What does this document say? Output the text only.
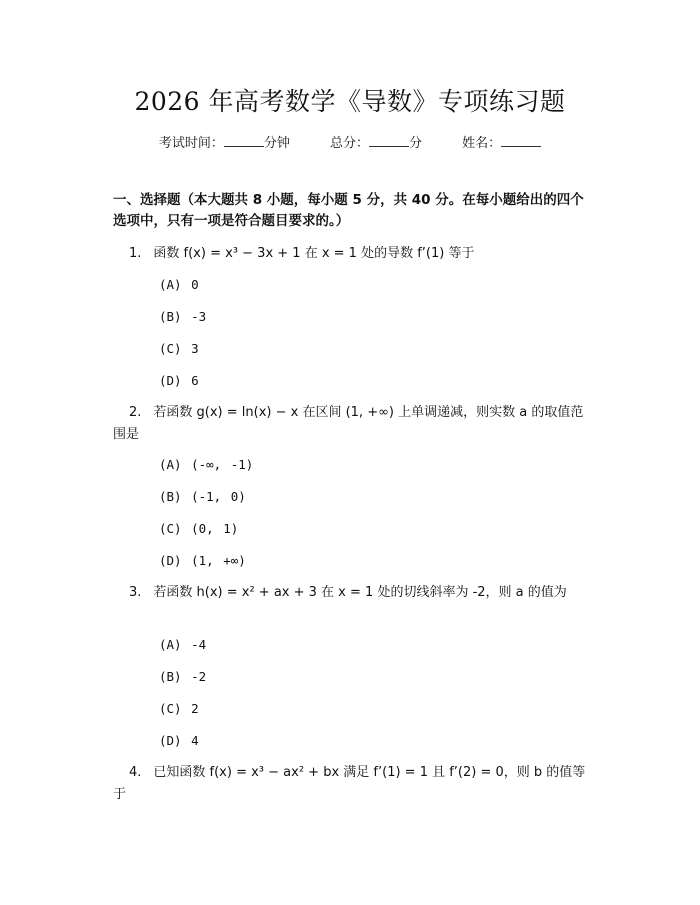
2026 年高考数学《导数》专项练习题
考试时间：	分钟	总分：	分	姓名：
一、选择题（本大题共 8 小题，每小题 5 分，共 40 分。在每小题给出的四个选项中，只有一项是符合题目要求的。）
1. 函数 f(x) = x³ − 3x + 1 在 x = 1 处的导数 f’(1) 等于
(A) 0
(B) -3
(C) 3
(D) 6
2. 若函数 g(x) = ln(x) − x 在区间 (1, +∞) 上单调递减，则实数 a 的取值范围是
(A) (-∞, -1)
(B) (-1, 0)
(C) (0, 1)
(D) (1, +∞)
3. 若函数 h(x) = x² + ax + 3 在 x = 1 处的切线斜率为 -2，则 a 的值为
(A) -4
(B) -2
(C) 2
(D) 4
4. 已知函数 f(x) = x³ − ax² + bx 满足 f’(1) = 1 且 f’(2) = 0，则 b 的值等于
